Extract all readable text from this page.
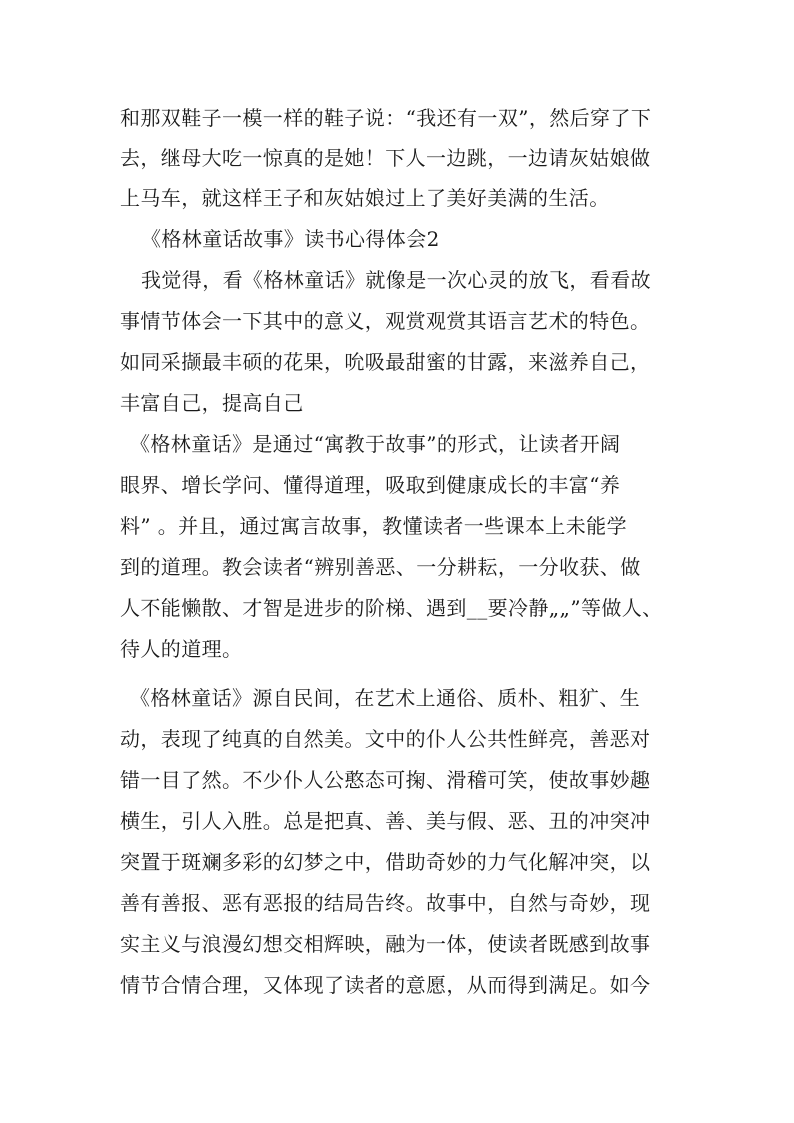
和那双鞋子一模一样的鞋子说：“我还有一双”，然后穿了下
去，继母大吃一惊真的是她！下人一边跳，一边请灰姑娘做
上马车，就这样王子和灰姑娘过上了美好美满的生活。
《格林童话故事》读书心得体会2
我觉得，看《格林童话》就像是一次心灵的放飞，看看故
事情节体会一下其中的意义，观赏观赏其语言艺术的特色。
如同采撷最丰硕的花果，吮吸最甜蜜的甘露，来滋养自己，
丰富自己，提高自己
《格林童话》是通过“寓教于故事”的形式，让读者开阔
眼界、增长学问、懂得道理，吸取到健康成长的丰富“养
料” 。并且，通过寓言故事，教懂读者一些课本上未能学
到的道理。教会读者“辨别善恶、一分耕耘，一分收获、做
人不能懒散、才智是进步的阶梯、遇到__要冷静„„”等做人、
待人的道理。
《格林童话》源自民间，在艺术上通俗、质朴、粗犷、生
动，表现了纯真的自然美。文中的仆人公共性鲜亮，善恶对
错一目了然。不少仆人公憨态可掬、滑稽可笑，使故事妙趣
横生，引人入胜。总是把真、善、美与假、恶、丑的冲突冲
突置于斑斓多彩的幻梦之中，借助奇妙的力气化解冲突，以
善有善报、恶有恶报的结局告终。故事中，自然与奇妙，现
实主义与浪漫幻想交相辉映，融为一体，使读者既感到故事
情节合情合理，又体现了读者的意愿，从而得到满足。如今
